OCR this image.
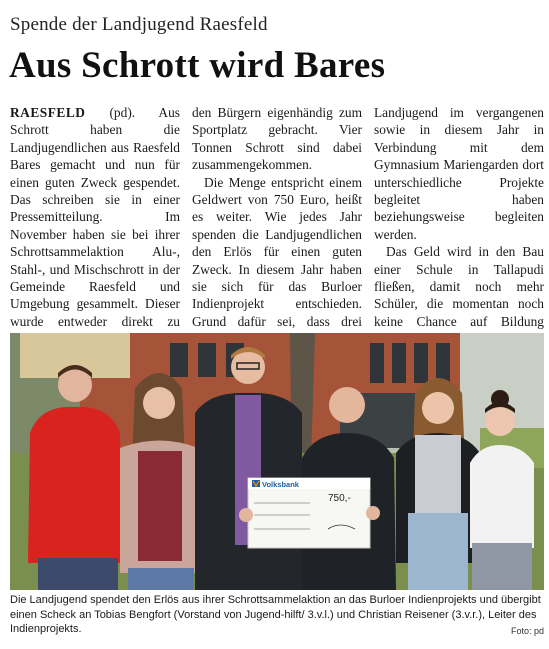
Spende der Landjugend Raesfeld
Aus Schrott wird Bares

RAESFELD (pd). Aus Schrott haben die Landjugendlichen aus Raesfeld Bares gemacht und nun für einen guten Zweck gespendet. Das schreiben sie in einer Pressemitteilung. Im November haben sie bei ihrer Schrottsammelaktion Alu-, Stahl-, und Mischschrott in der Gemeinde Raesfeld und Umgebung gesammelt. Dieser wurde entweder direkt zu

den Bürgern eigenhändig zum Sportplatz gebracht. Vier Tonnen Schrott sind dabei zusammengekommen.

Die Menge entspricht einem Geldwert von 750 Euro, heißt es weiter. Wie jedes Jahr spenden die Landjugendlichen den Erlös für einen guten Zweck. In diesem Jahr haben sie sich für das Burloer Indienprojekt entschieden. Grund dafür sei, dass drei

Landjugend im vergangenen sowie in diesem Jahr in Verbindung mit dem Gymnasium Mariengarden dort unterschiedliche Projekte begleitet haben beziehungsweise begleiten werden.

Das Geld wird in den Bau einer Schule in Tallapudi fließen, damit noch mehr Schüler, die momentan noch keine Chance auf Bildung

Volksbank
750,-
Die Landjugend spendet den Erlös aus ihrer Schrottsammelaktion an das Burloer Indienprojekts und übergibt einen Scheck an Tobias Bengfort (Vorstand von Jugend-hilft/ 3.v.l.) und Christian Reisener (3.v.r.), Leiter des Indienprojekts.	Foto: pd
